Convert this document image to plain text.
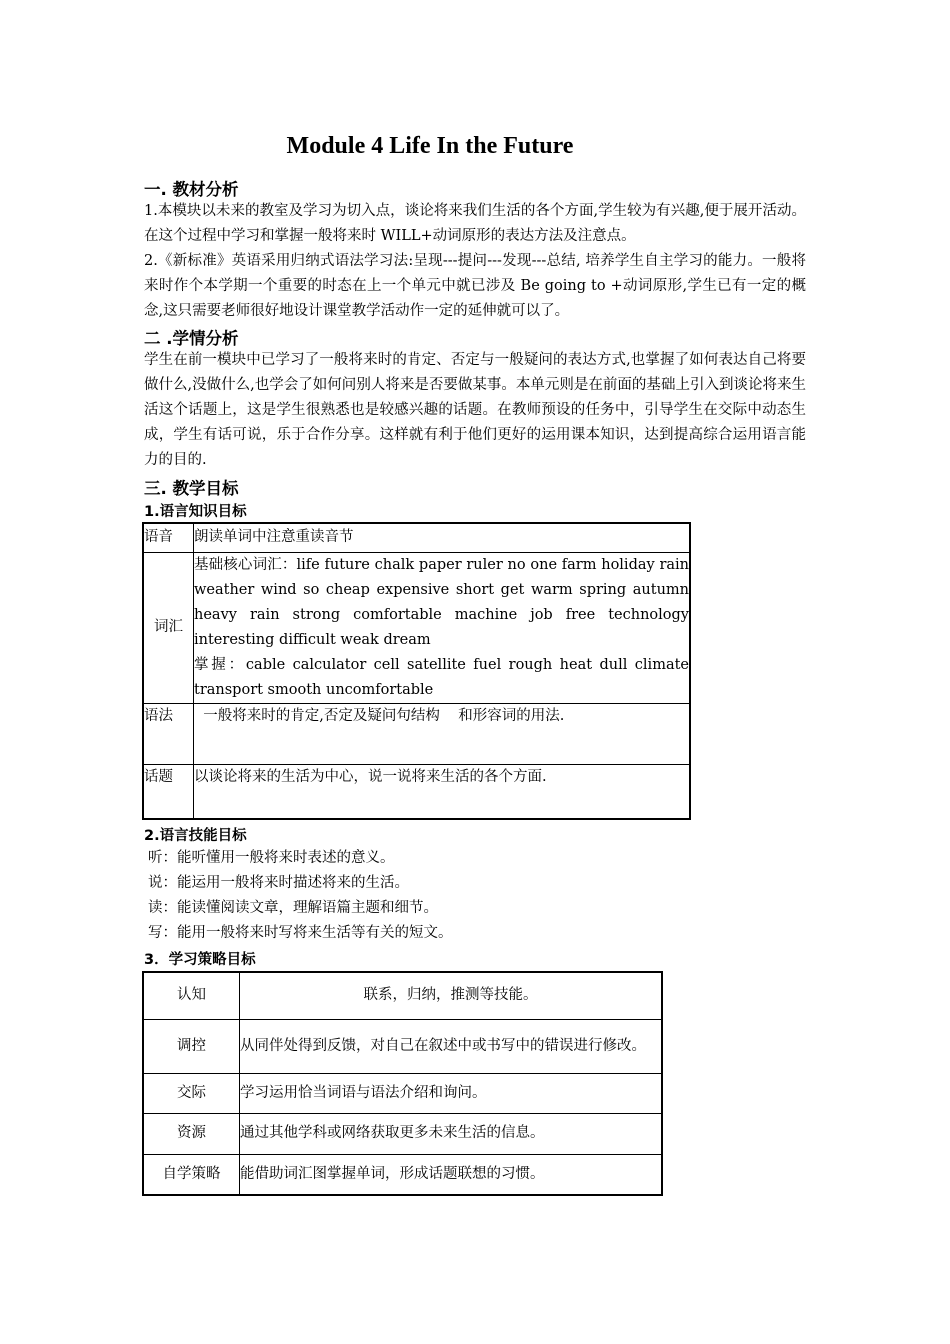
Module 4 Life In the Future
一. 教材分析
1.本模块以未来的教室及学习为切入点，谈论将来我们生活的各个方面,学生较为有兴趣,便于展开活动。在这个过程中学习和掌握一般将来时 WILL+动词原形的表达方法及注意点。
2.《新标准》英语采用归纳式语法学习法:呈现---提问---发现---总结, 培养学生自主学习的能力。一般将来时作个本学期一个重要的时态在上一个单元中就已涉及 Be going to +动词原形,学生已有一定的概念,这只需要老师很好地设计课堂教学活动作一定的延伸就可以了。
二 .学情分析
学生在前一模块中已学习了一般将来时的肯定、否定与一般疑问的表达方式,也掌握了如何表达自己将要做什么,没做什么,也学会了如何问别人将来是否要做某事。本单元则是在前面的基础上引入到谈论将来生活这个话题上，这是学生很熟悉也是较感兴趣的话题。在教师预设的任务中，引导学生在交际中动态生成，学生有话可说，乐于合作分享。这样就有利于他们更好的运用课本知识，达到提高综合运用语言能力的目的.
三. 教学目标
1.语言知识目标
语音	朗读单词中注意重读音节
词汇	基础核心词汇：life future chalk paper ruler no one farm holiday rain weather wind so cheap expensive short get warm spring autumn heavy rain strong comfortable machine job free technology interesting difficult weak dream
掌握：cable calculator cell satellite fuel rough heat dull climate transport smooth uncomfortable

语法	一般将来时的肯定,否定及疑问句结构    和形容词的用法.
话题	以谈论将来的生活为中心，说一说将来生活的各个方面.
2.语言技能目标
听：能听懂用一般将来时表述的意义。
说：能运用一般将来时描述将来的生活。
读：能读懂阅读文章，理解语篇主题和细节。
写：能用一般将来时写将来生活等有关的短文。
3．学习策略目标
认知	联系，归纳，推测等技能。
调控	从同伴处得到反馈，对自己在叙述中或书写中的错误进行修改。
交际	学习运用恰当词语与语法介绍和询问。
资源	通过其他学科或网络获取更多未来生活的信息。
自学策略	能借助词汇图掌握单词，形成话题联想的习惯。
